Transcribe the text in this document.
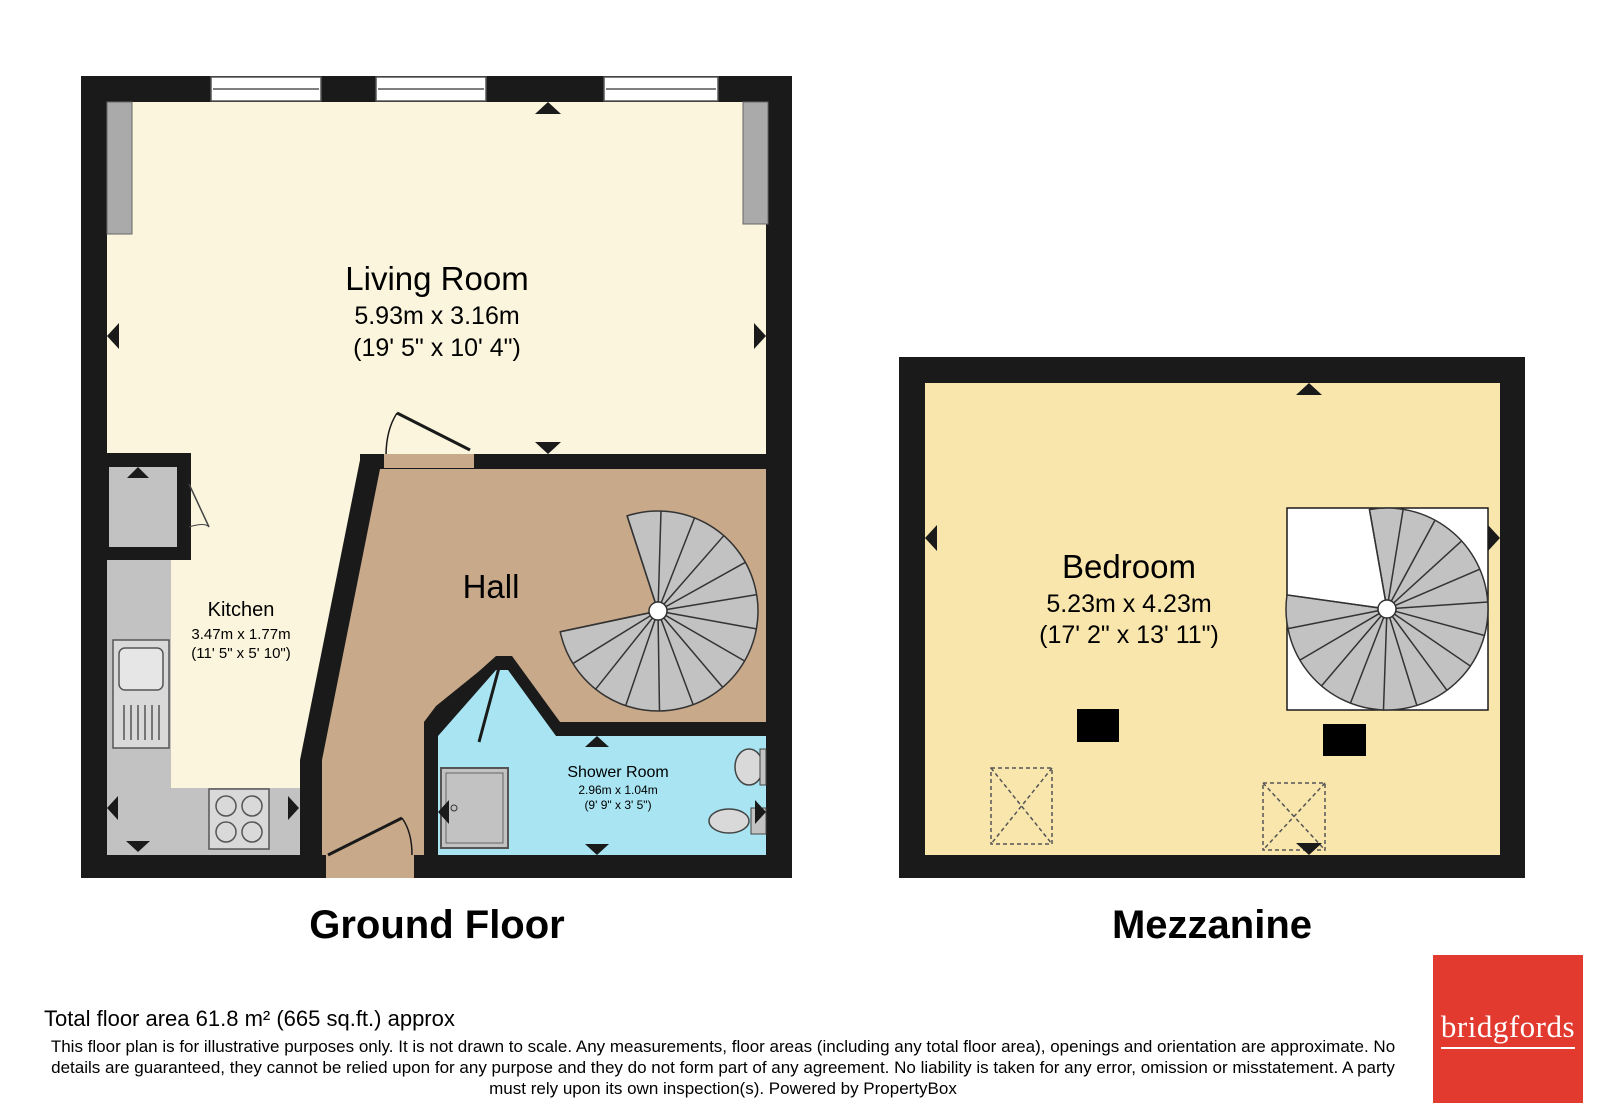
Living Room
5.93m x 3.16m
(19' 5" x 10' 4")
Kitchen
3.47m x 1.77m
(11' 5" x 5' 10")
Hall
Shower Room
2.96m x 1.04m
(9' 9" x 3' 5")
Bedroom
5.23m x 4.23m
(17' 2" x 13' 11")
Ground Floor	Mezzanine
Total floor area 61.8 m² (665 sq.ft.) approx
This floor plan is for illustrative purposes only. It is not drawn to scale. Any measurements, floor areas (including any total floor area), openings and orientation are approximate. No details are guaranteed, they cannot be relied upon for any purpose and they do not form part of any agreement. No liability is taken for any error, omission or misstatement. A party must rely upon its own inspection(s). Powered by PropertyBox
bridgfords
